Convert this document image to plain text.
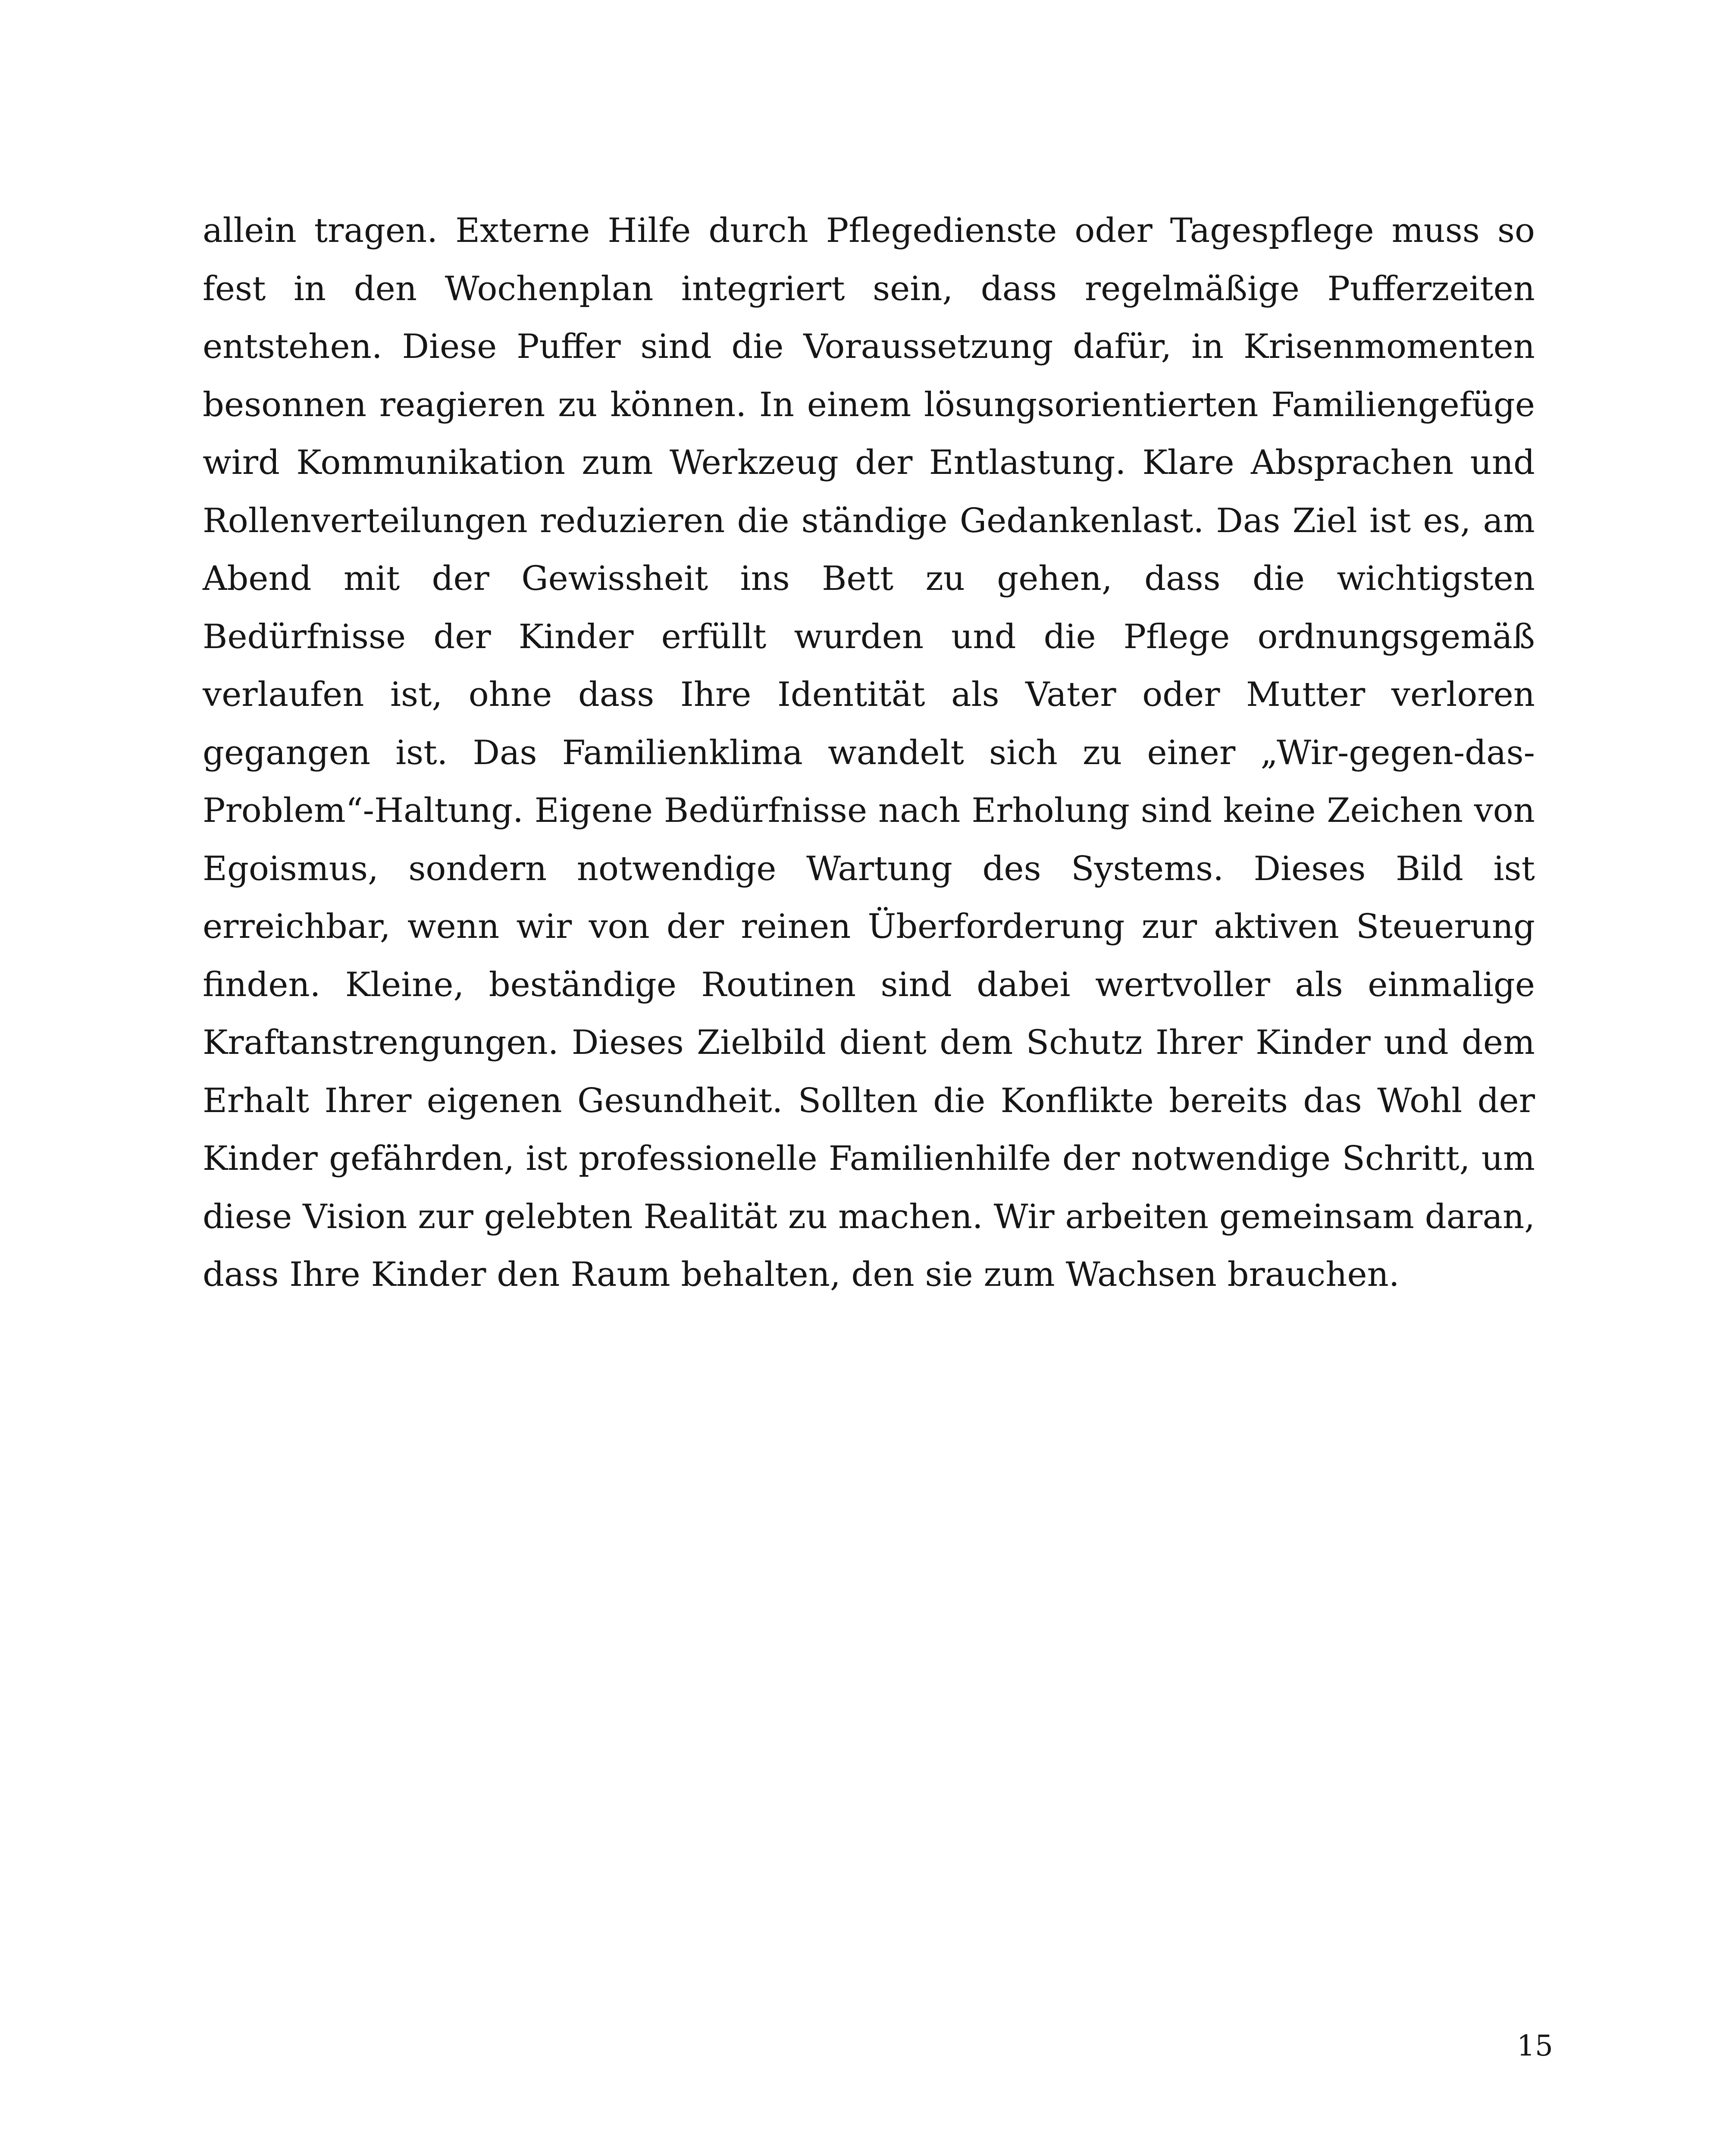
allein tragen. Externe Hilfe durch Pflegedienste oder Tagespflege muss so fest in den Wochenplan integriert sein, dass regelmäßige Pufferzeiten entstehen. Diese Puffer sind die Voraussetzung dafür, in Krisenmomenten besonnen reagieren zu können. In einem lösungsorientierten Familiengefüge wird Kommunikation zum Werkzeug der Entlastung. Klare Absprachen und Rollenverteilungen reduzieren die ständige Gedankenlast. Das Ziel ist es, am Abend mit der Gewissheit ins Bett zu gehen, dass die wichtigsten Bedürfnisse der Kinder erfüllt wurden und die Pflege ordnungsgemäß verlaufen ist, ohne dass Ihre Identität als Vater oder Mutter verloren gegangen ist. Das Familienklima wandelt sich zu einer „Wir-gegen-das-Problem“-Haltung. Eigene Bedürfnisse nach Erholung sind keine Zeichen von Egoismus, sondern notwendige Wartung des Systems. Dieses Bild ist erreichbar, wenn wir von der reinen Überforderung zur aktiven Steuerung finden. Kleine, beständige Routinen sind dabei wertvoller als einmalige Kraftanstrengungen. Dieses Zielbild dient dem Schutz Ihrer Kinder und dem Erhalt Ihrer eigenen Gesundheit. Sollten die Konflikte bereits das Wohl der Kinder gefährden, ist professionelle Familienhilfe der notwendige Schritt, um diese Vision zur gelebten Realität zu machen. Wir arbeiten gemeinsam daran, dass Ihre Kinder den Raum behalten, den sie zum Wachsen brauchen.

15
